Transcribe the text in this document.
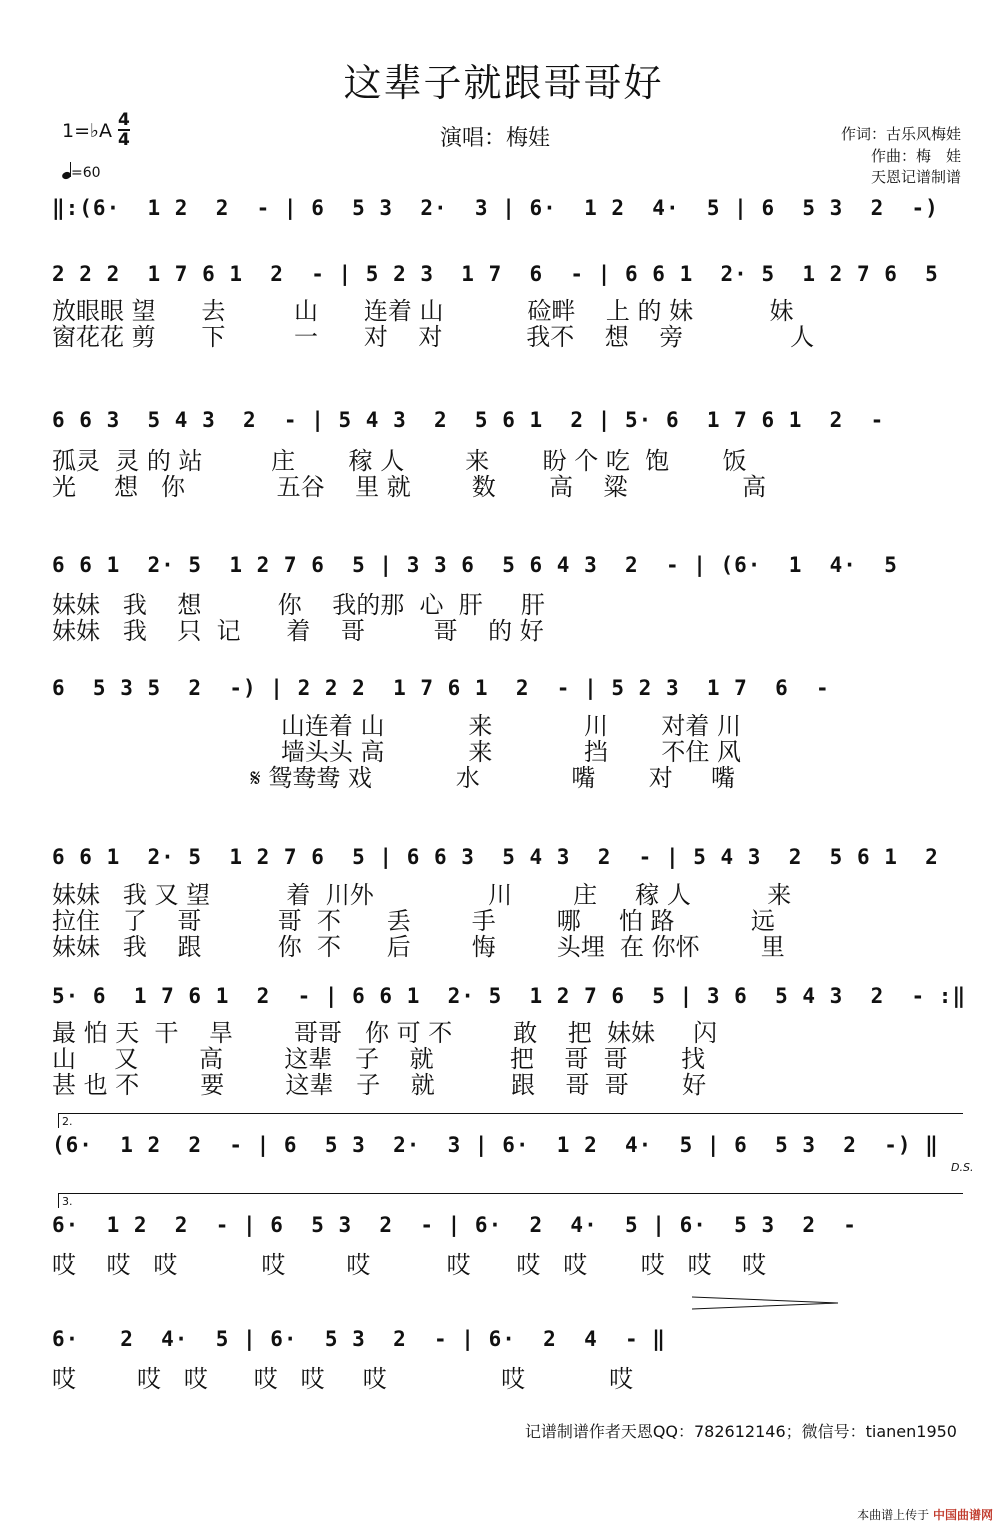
这辈子就跟哥哥好
1=♭A $\frac{4}{4}$
=60
演唱：梅娃	作词：古乐风梅娃
作曲：梅　娃
天恩记谱制谱
‖:(6·  1 2  2  - | 6  5 3  2·  3 | 6·  1 2  4·  5 | 6  5 3  2  -)
2 2 2  1 7 6 1  2  - | 5 2 3  1 7  6  - | 6 6 1  2· 5  1 2 7 6  5
放眼眼 望      去         山      连着 山           硷畔    上 的 妹          妹
窗花花 剪      下         一      对    对           我不    想    旁              人
6 6 3  5 4 3  2  - | 5 4 3  2  5 6 1  2 | 5· 6  1 7 6 1  2  -
孤灵  灵 的 站         庄       稼 人        来       盼 个 吃  饱       饭
光     想   你            五谷    里 就        数       高    粱               高
6 6 1  2· 5  1 2 7 6  5 | 3 3 6  5 6 4 3  2  - | (6·  1  4·  5
妹妹   我    想          你    我的那  心  肝     肝
妹妹   我    只  记      着    哥         哥    的 好
6  5 3 5  2  -) | 2 2 2  1 7 6 1  2  - | 5 2 3  1 7  6  -
山连着 山           来            川       对着 川
墙头头 高           来            挡       不住 风
𝄋 鸳鸯鸯 戏           水            嘴       对     嘴
6 6 1  2· 5  1 2 7 6  5 | 6 6 3  5 4 3  2  - | 5 4 3  2  5 6 1  2
妹妹   我 又 望          着  川外               川        庄     稼 人          来
拉住   了    哥          哥  不      丢        手        哪     怕 路          远
妹妹   我    跟          你  不      后        悔        头埋  在 你怀        里
5· 6  1 7 6 1  2  - | 6 6 1  2· 5  1 2 7 6  5 | 3 6  5 4 3  2  - :‖
最 怕 天  干    旱        哥哥   你 可 不        敢    把  妹妹     闪
山     又        高        这辈   子    就          把    哥  哥       找
甚 也 不        要        这辈   子    就          跟    哥  哥       好
(6·  1 2  2  - | 6  5 3  2·  3 | 6·  1 2  4·  5 | 6  5 3  2  -) ‖
2.
D.S.
6·  1 2  2  - | 6  5 3  2  - | 6·  2  4·  5 | 6·  5 3  2  -
哎    哎   哎           哎        哎          哎      哎   哎       哎   哎    哎
3.
6·   2  4·  5 | 6·  5 3  2  - | 6·  2  4  - ‖
哎        哎   哎      哎   哎     哎               哎           哎
记谱制谱作者天恩QQ：782612146；微信号：tianen1950
本曲谱上传于 中国曲谱网
